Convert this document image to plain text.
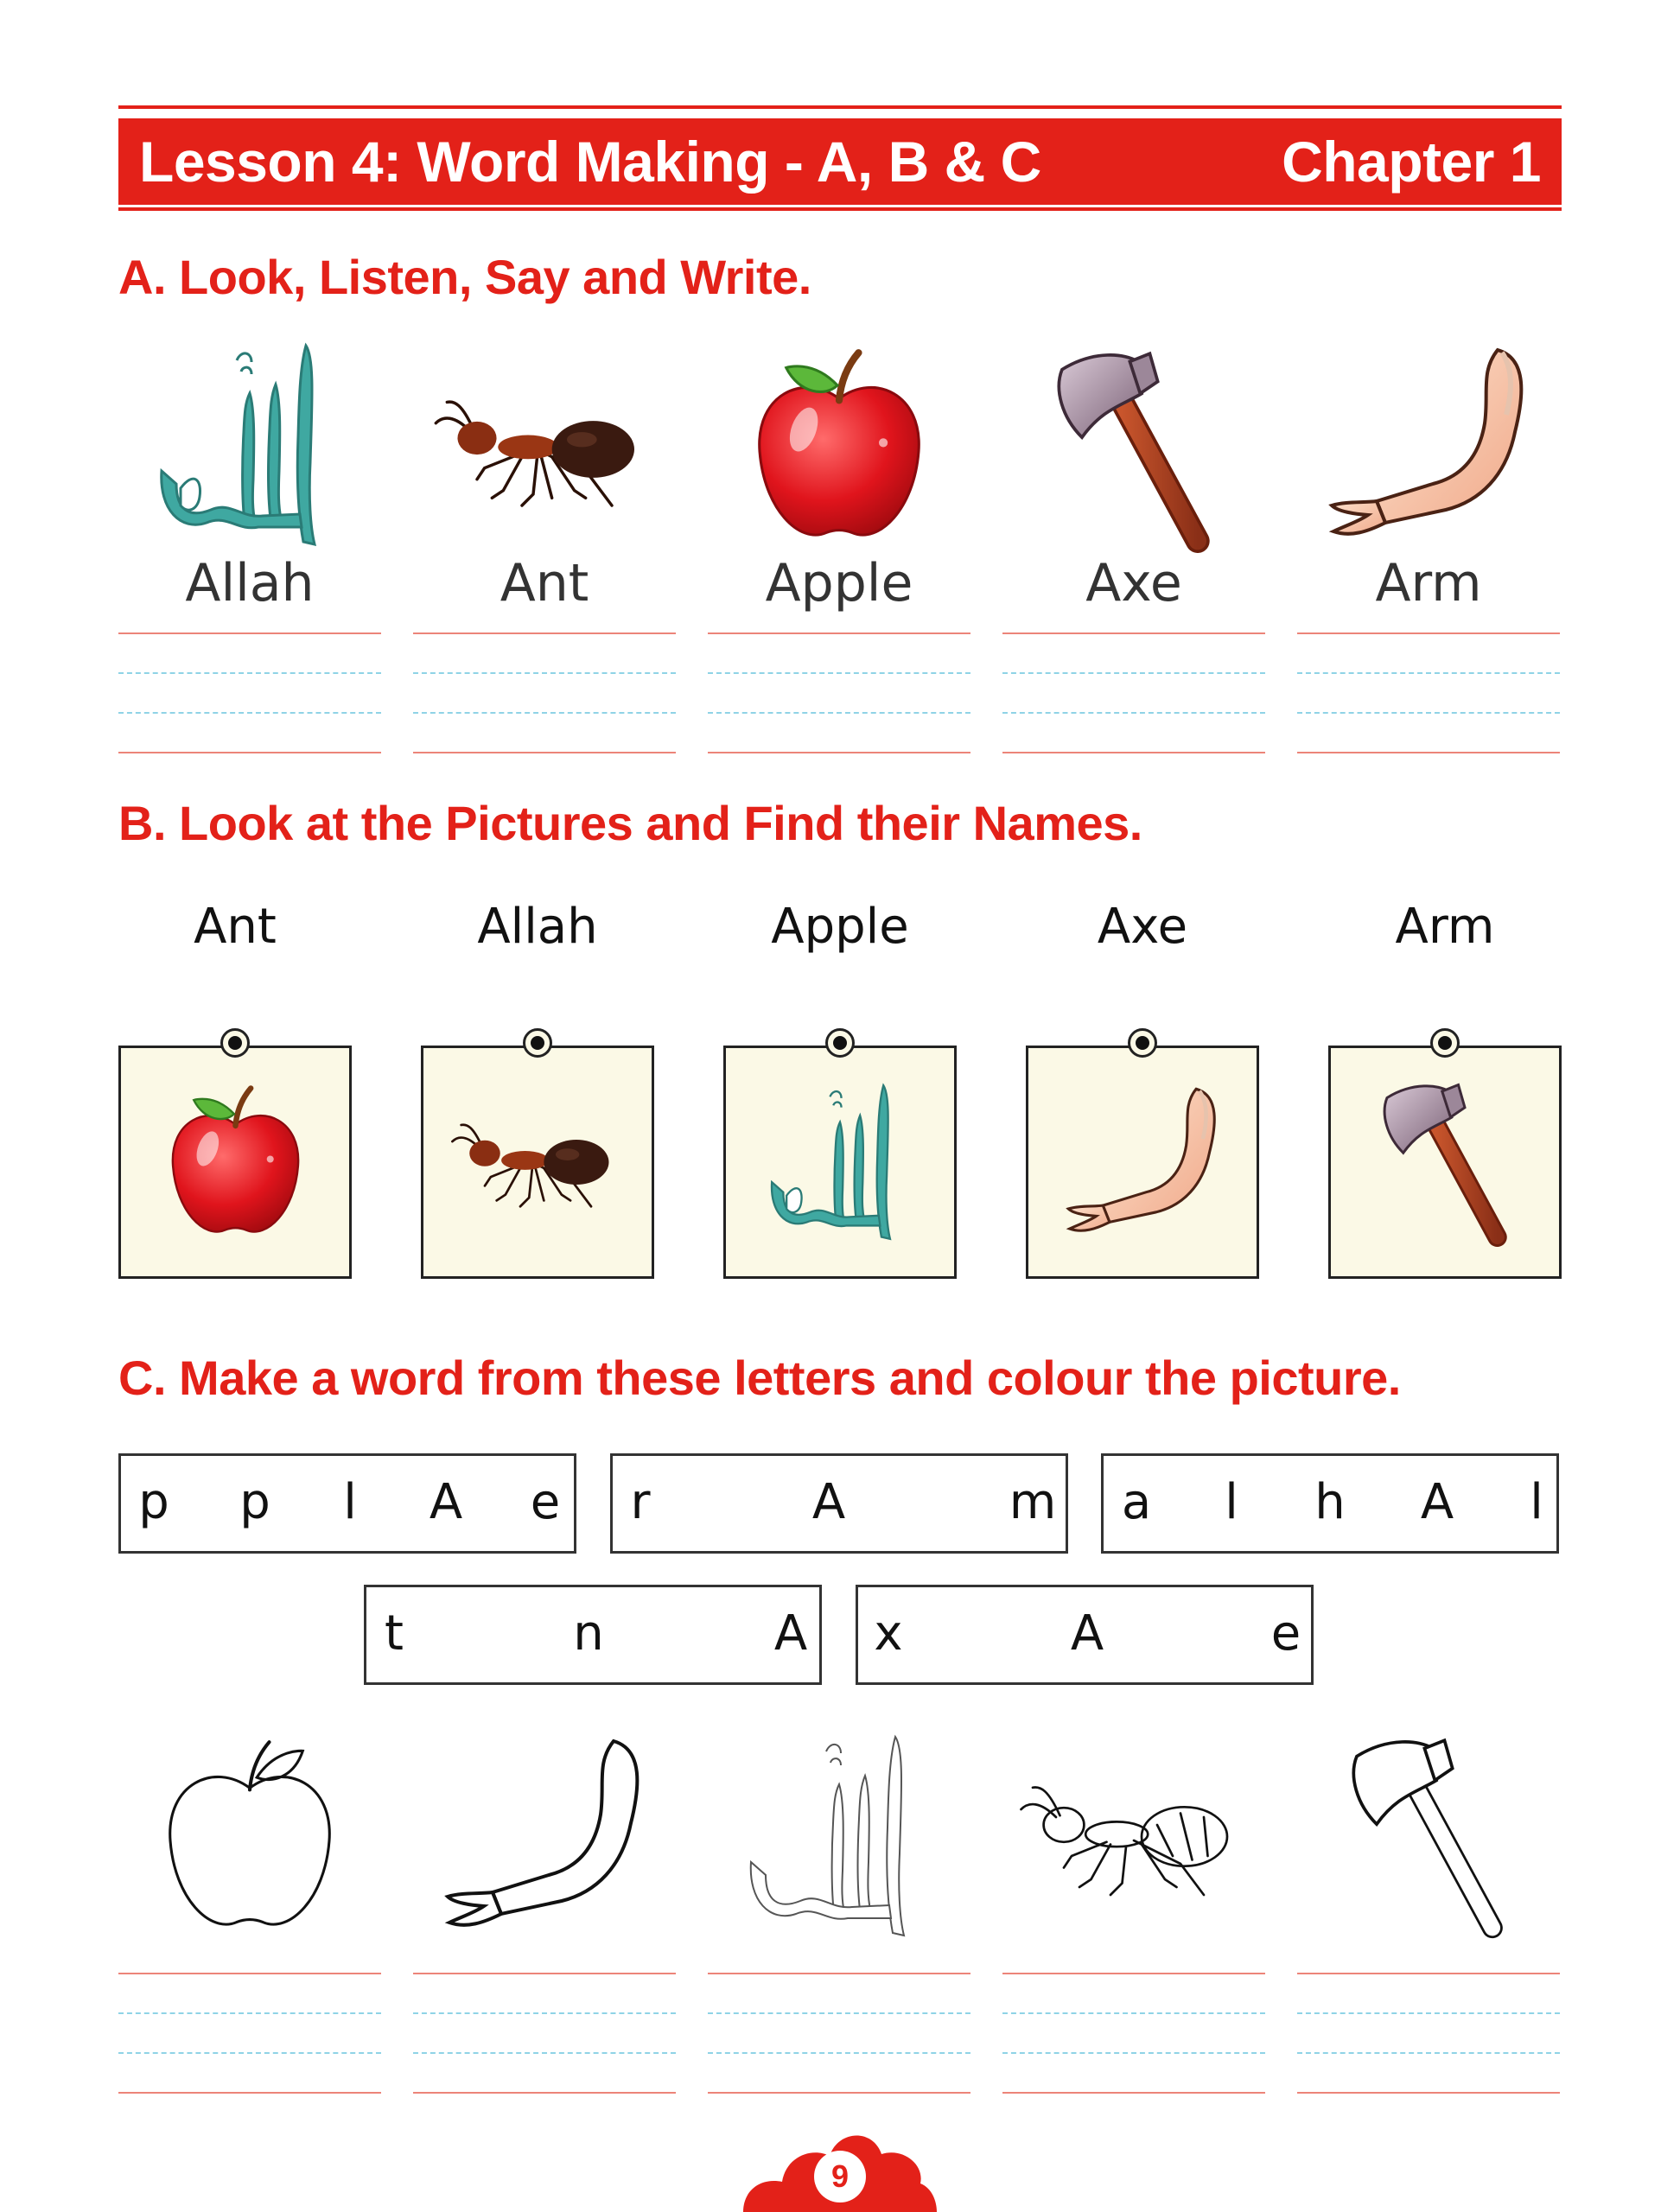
Lesson 4: Word Making - A, B & C	Chapter 1
A. Look, Listen, Say and Write.
Allah	Ant	Apple	Axe	Arm
B. Look at the Pictures and Find their Names.
Ant	Allah	Apple	Axe	Arm
C. Make a word from these letters and colour the picture.
p p l A e r	A	m a l h A l
t	n	A x	A	e
9
